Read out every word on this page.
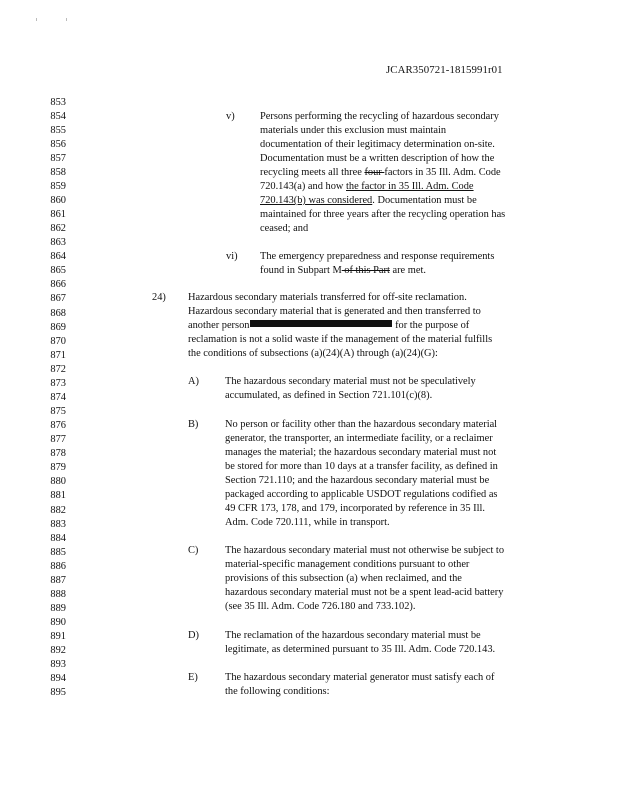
JCAR350721-1815991r01
853
854
855
856
857
858
859
860
861
862
863
864
865
866
867
868
869
870
871
872
873
874
875
876
877
878
879
880
881
882
883
884
885
886
887
888
889
890
891
892
893
894
895
v) Persons performing the recycling of hazardous secondary
materials under this exclusion must maintain
documentation of their legitimacy determination on-site.
Documentation must be a written description of how the
recycling meets all three four factors in 35 Ill. Adm. Code
720.143(a) and how the factor in 35 Ill. Adm. Code
720.143(b) was considered. Documentation must be
maintained for three years after the recycling operation has
ceased; and
vi) The emergency preparedness and response requirements
found in Subpart M of this Part are met.
24) Hazardous secondary materials transferred for off-site reclamation.
Hazardous secondary material that is generated and then transferred to
another person	for the purpose of
reclamation is not a solid waste if the management of the material fulfills
the conditions of subsections (a)(24)(A) through (a)(24)(G):
A)	The hazardous secondary material must not be speculatively
accumulated, as defined in Section 721.101(c)(8).
B)	No person or facility other than the hazardous secondary material
generator, the transporter, an intermediate facility, or a reclaimer
manages the material; the hazardous secondary material must not
be stored for more than 10 days at a transfer facility, as defined in
Section 721.110; and the hazardous secondary material must be
packaged according to applicable USDOT regulations codified as
49 CFR 173, 178, and 179, incorporated by reference in 35 Ill.
Adm. Code 720.111, while in transport.
C)	The hazardous secondary material must not otherwise be subject to
material-specific management conditions pursuant to other
provisions of this subsection (a) when reclaimed, and the
hazardous secondary material must not be a spent lead-acid battery
(see 35 Ill. Adm. Code 726.180 and 733.102).
D)	The reclamation of the hazardous secondary material must be
legitimate, as determined pursuant to 35 Ill. Adm. Code 720.143.
E)	The hazardous secondary material generator must satisfy each of
the following conditions:
